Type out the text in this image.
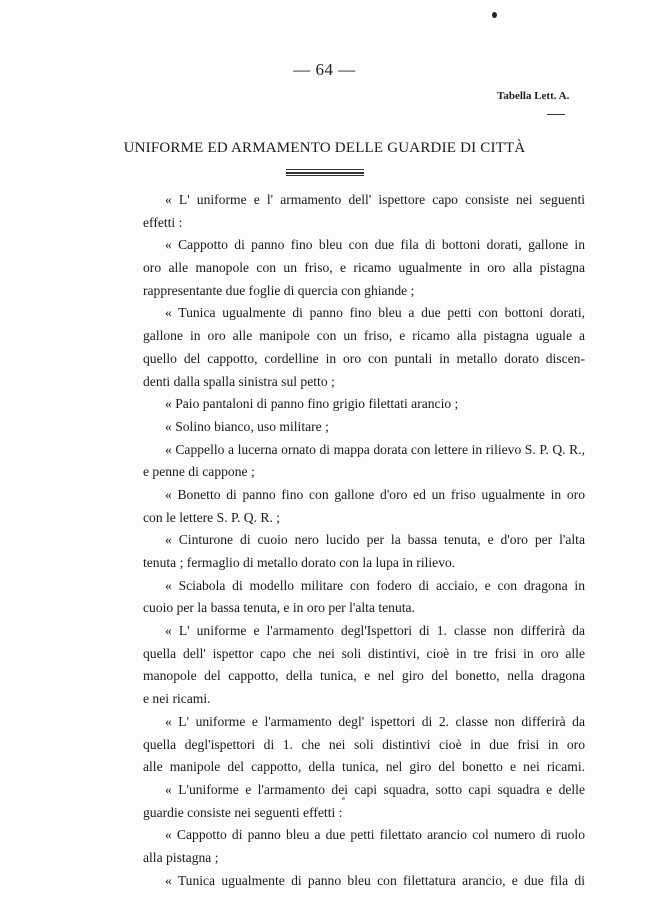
— 64 —
Tabella Lett. A.
UNIFORME ED ARMAMENTO DELLE GUARDIE DI CITTÀ
« L' uniforme e l' armamento dell' ispettore capo consiste nei seguenti
effetti :
« Cappotto di panno fino bleu con due fila di bottoni dorati, gallone in
oro alle manopole con un friso, e ricamo ugualmente in oro alla pistagna
rappresentante due foglie di quercia con ghiande ;
« Tunica ugualmente di panno fino bleu a due petti con bottoni dorati,
gallone in oro alle manipole con un friso, e ricamo alla pistagna uguale a
quello del cappotto, cordelline in oro con puntali in metallo dorato discen-
denti dalla spalla sinistra sul petto ;
« Paio pantaloni di panno fino grigio filettati arancio ;
« Solino bianco, uso militare ;
« Cappello a lucerna ornato di mappa dorata con lettere in rilievo S. P. Q. R.,
e penne di cappone ;
« Bonetto di panno fino con gallone d'oro ed un friso ugualmente in oro
con le lettere S. P. Q. R. ;
« Cinturone di cuoio nero lucido per la bassa tenuta, e d'oro per l'alta
tenuta ; fermaglio di metallo dorato con la lupa in rilievo.
« Sciabola di modello militare con fodero di acciaio, e con dragona in
cuoio per la bassa tenuta, e in oro per l'alta tenuta.
« L' uniforme e l'armamento degl'Ispettori di 1. classe non differirà da
quella dell' ispettor capo che nei soli distintivi, cioè in tre frisi in oro alle
manopole del cappotto, della tunica, e nel giro del bonetto, nella dragona
e nei ricami.
« L' uniforme e l'armamento degl' ispettori di 2. classe non differirà da
quella degl'ispettori di 1. che nei soli distintivi cioè in due frisi in oro
alle manipole del cappotto, della tunica, nel giro del bonetto e nei ricami.
« L'uniforme e l'armamento dei capi squadra, sotto capi squadra e delle
guardie consiste nei seguenti effetti :
« Cappotto di panno bleu a due petti filettato arancio col numero di ruolo
alla pistagna ;
« Tunica ugualmente di panno bleu con filettatura arancio, e due fila di
